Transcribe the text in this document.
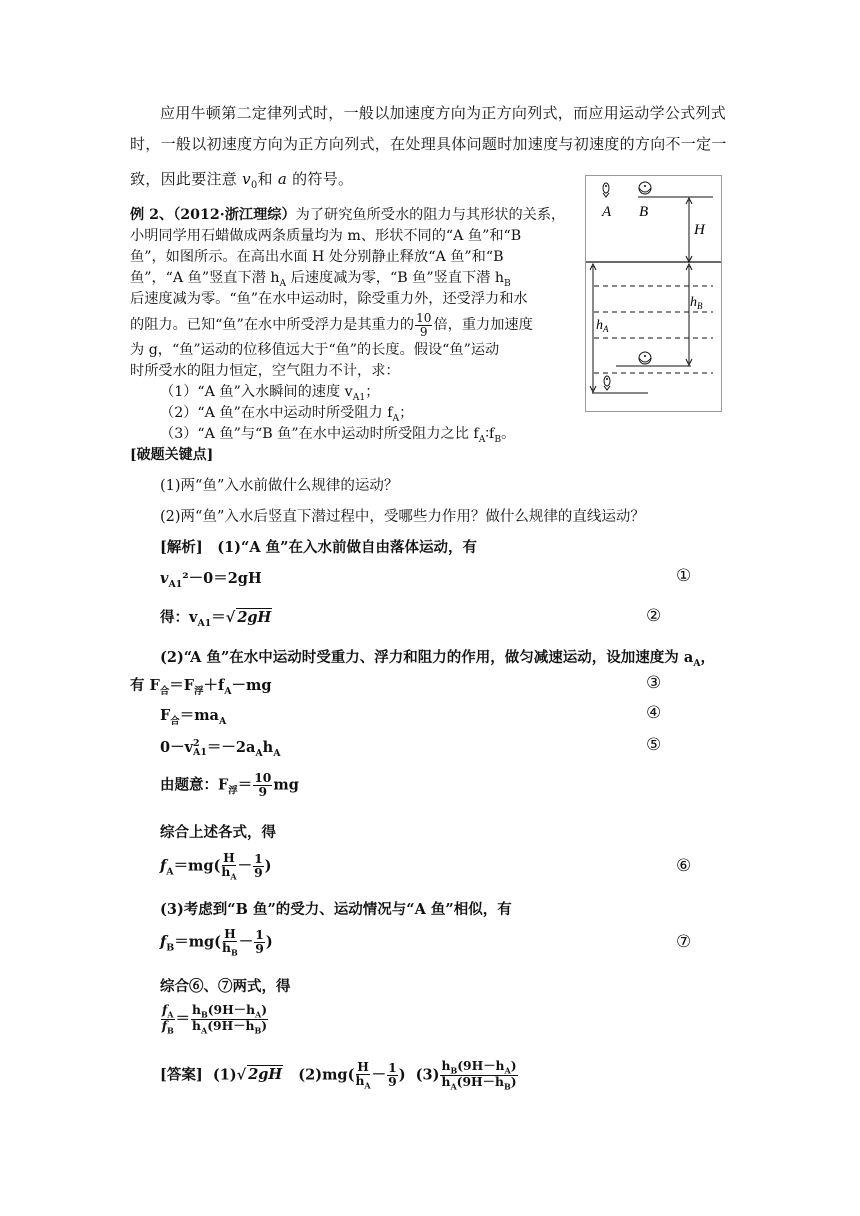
应用牛顿第二定律列式时，一般以加速度方向为正方向列式，而应用运动学公式列式
时，一般以初速度方向为正方向列式，在处理具体问题时加速度与初速度的方向不一定一
致，因此要注意 $v_0$和 a 的符号。
例 2、（2012·浙江理综）为了研究鱼所受水的阻力与其形状的关系，
小明同学用石蜡做成两条质量均为 m、形状不同的“A 鱼”和“B
鱼”，如图所示。在高出水面 H 处分别静止释放“A 鱼”和“B
鱼”，“A 鱼”竖直下潜 $h_A$ 后速度减为零，“B 鱼”竖直下潜 $h_B$
后速度减为零。“鱼”在水中运动时，除受重力外，还受浮力和水
的阻力。已知“鱼”在水中所受浮力是其重力的 $\frac{10}{9}$ 倍，重力加速度
为 g，“鱼”运动的位移值远大于“鱼”的长度。假设“鱼”运动
时所受水的阻力恒定，空气阻力不计，求：
（1）“A 鱼”入水瞬间的速度 $v_{A1}$；
（2）“A 鱼”在水中运动时所受阻力 $f_A$；
（3）“A 鱼”与“B 鱼”在水中运动时所受阻力之比 $f_A∶f_B$。
A B
H
$h_A$
$h_B$
[破题关键点]
(1)两“鱼”入水前做什么规律的运动？
(2)两“鱼”入水后竖直下潜过程中，受哪些力作用？做什么规律的直线运动？
[解析]　(1)“A 鱼”在入水前做自由落体运动，有
$v_{A1}^2-0=2gH$	①
得：$v_{A1}=√$ 2gH	②
(2)“A 鱼”在水中运动时受重力、浮力和阻力的作用，做匀减速运动，设加速度为 $a_A$，
有 $F_合=F_浮+f_A-mg$	③
$F_合=ma_A$	④
0－v 2
$A1 =-2a_Ah_A$	⑤
由题意：$F_浮= \frac{10}{9}$ mg
综合上述各式，得
$f_A=mg( \frac{H}{h_A} - \frac{1}{9}$ )	⑥
(3)考虑到“B 鱼”的受力、运动情况与“A 鱼”相似，有
$f_B=mg( \frac{H}{h_B} - \frac{1}{9}$ )	⑦
综合⑥、⑦两式，得
$\frac{f_A}{f_B} = \frac{h_B(9H-h_A)}{h_A(9H-h_B)}$
[答案] (1)√ 2gH $(2)mg( \frac{H}{h_A} - \frac{1}{9}$ ) $(3) \frac{h_B(9H-h_A)}{h_A(9H-h_B)}$
